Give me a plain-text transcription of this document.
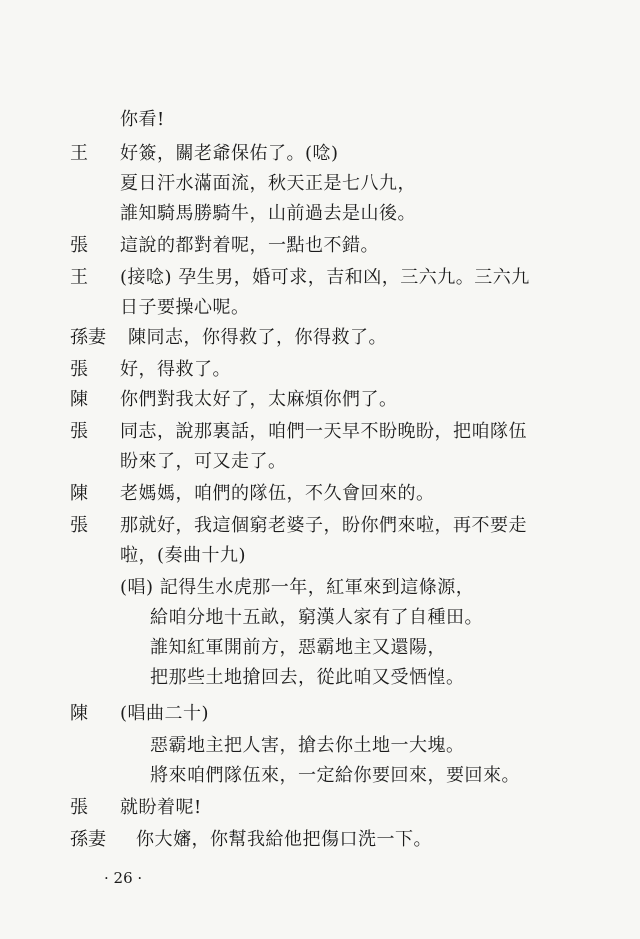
你看!
王 好簽，關老爺保佑了。(唸)
夏日汗水滿面流，秋天正是七八九，
誰知騎馬勝騎牛，山前過去是山後。
張 這說的都對着呢，一點也不錯。
王 (接唸) 孕生男，婚可求，吉和凶，三六九。三六九
日子要操心呢。
孫妻 陳同志，你得救了，你得救了。
張 好，得救了。
陳 你們對我太好了，太麻煩你們了。
張 同志，說那裏話，咱們一天早不盼晚盼，把咱隊伍
盼來了，可又走了。
陳 老媽媽，咱們的隊伍，不久會回來的。
張 那就好，我這個窮老婆子，盼你們來啦，再不要走
啦，(奏曲十九)
(唱) 記得生水虎那一年，紅軍來到這條源，
給咱分地十五畝，窮漢人家有了自種田。
誰知紅軍開前方，惡霸地主又還陽，
把那些土地搶回去，從此咱又受恓惶。
陳 (唱曲二十)
惡霸地主把人害，搶去你土地一大塊。
將來咱們隊伍來，一定給你要回來，要回來。
張 就盼着呢!
孫妻 你大嬸，你幫我給他把傷口洗一下。
· 26 ·
